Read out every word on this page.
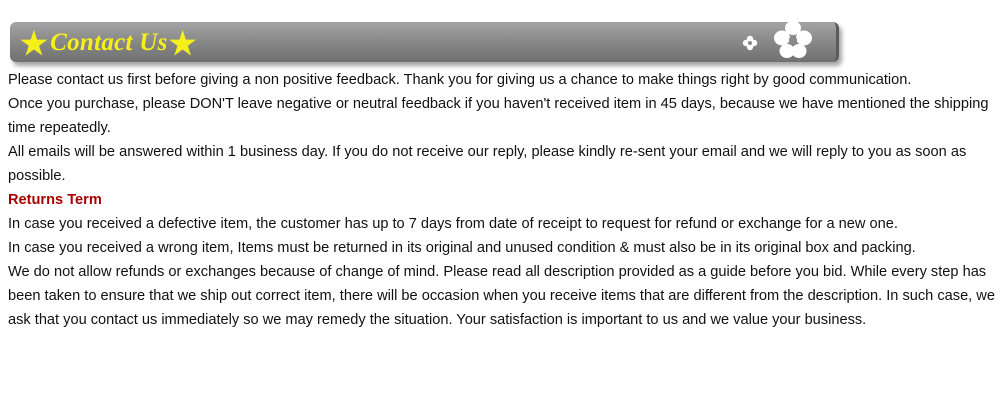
★ Contact Us ★

Please contact us first before giving a non positive feedback. Thank you for giving us a chance to make things right by good communication.

Once you purchase, please DON'T leave negative or neutral feedback if you haven't received item in 45 days, because we have mentioned the shipping time repeatedly.

All emails will be answered within 1 business day. If you do not receive our reply, please kindly re-sent your email and we will reply to you as soon as possible.

Returns Term

In case you received a defective item, the customer has up to 7 days from date of receipt to request for refund or exchange for a new one.

In case you received a wrong item, Items must be returned in its original and unused condition & must also be in its original box and packing.

We do not allow refunds or exchanges because of change of mind. Please read all description provided as a guide before you bid. While every step has been taken to ensure that we ship out correct item, there will be occasion when you receive items that are different from the description. In such case, we ask that you contact us immediately so we may remedy the situation. Your satisfaction is important to us and we value your business.
